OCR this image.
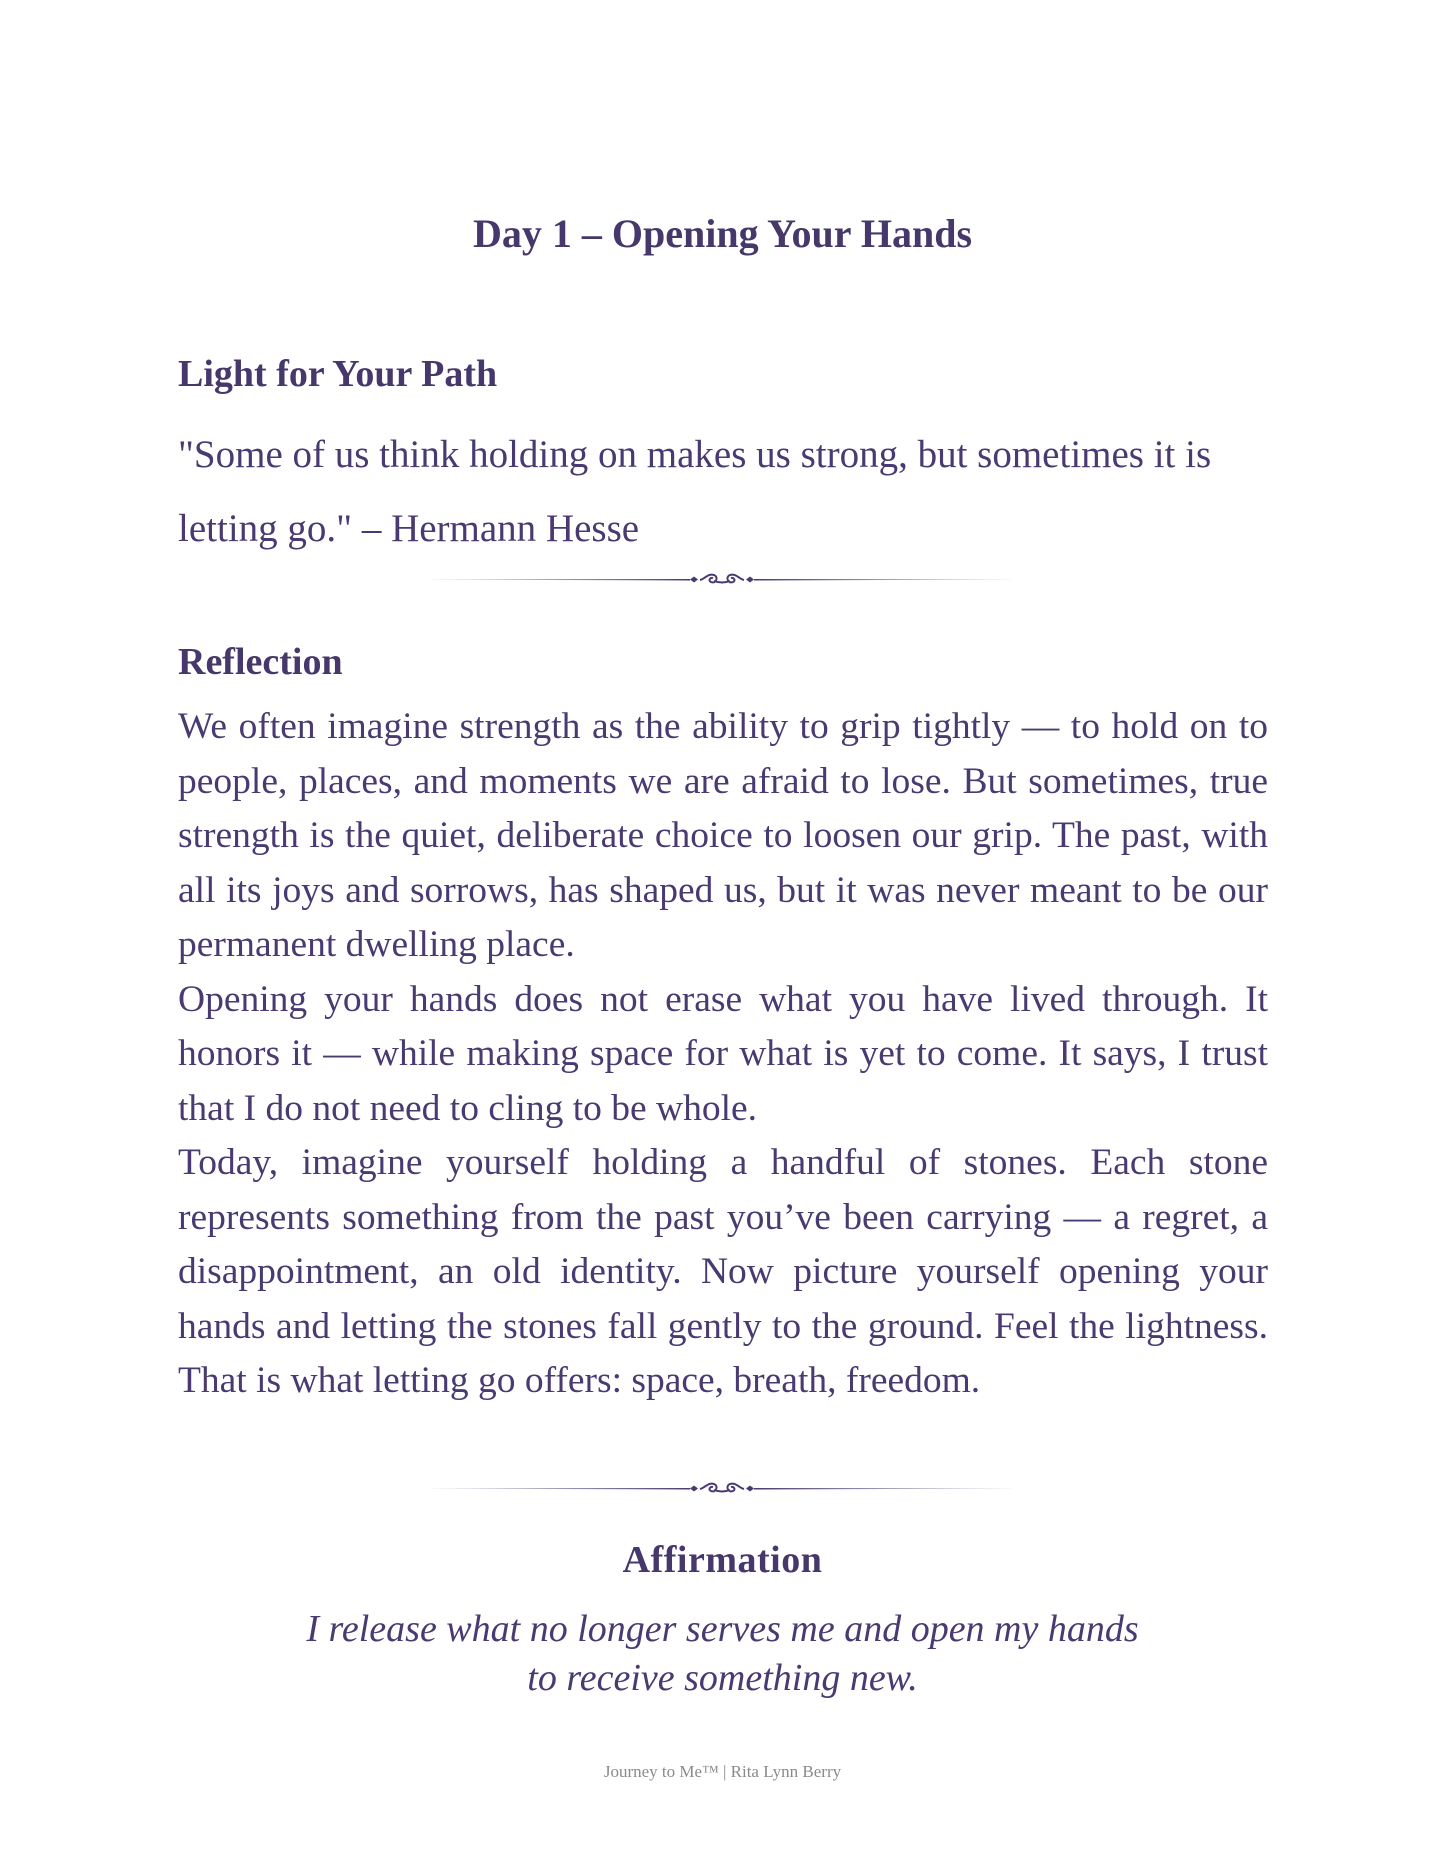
Day 1 – Opening Your Hands
Light for Your Path
"Some of us think holding on makes us strong, but sometimes it is
letting go." – Hermann Hesse
Reflection

We often imagine strength as the ability to grip tightly — to hold on to people, places, and moments we are afraid to lose. But sometimes, true strength is the quiet, deliberate choice to loosen our grip. The past, with all its joys and sorrows, has shaped us, but it was never meant to be our permanent dwelling place.

Opening your hands does not erase what you have lived through. It honors it — while making space for what is yet to come. It says, I trust that I do not need to cling to be whole.

Today, imagine yourself holding a handful of stones. Each stone represents something from the past you’ve been carrying — a regret, a disappointment, an old identity. Now picture yourself opening your hands and letting the stones fall gently to the ground. Feel the lightness. That is what letting go offers: space, breath, freedom.

Affirmation

I release what no longer serves me and open my hands
to receive something new.

Journey to Me™ | Rita Lynn Berry
